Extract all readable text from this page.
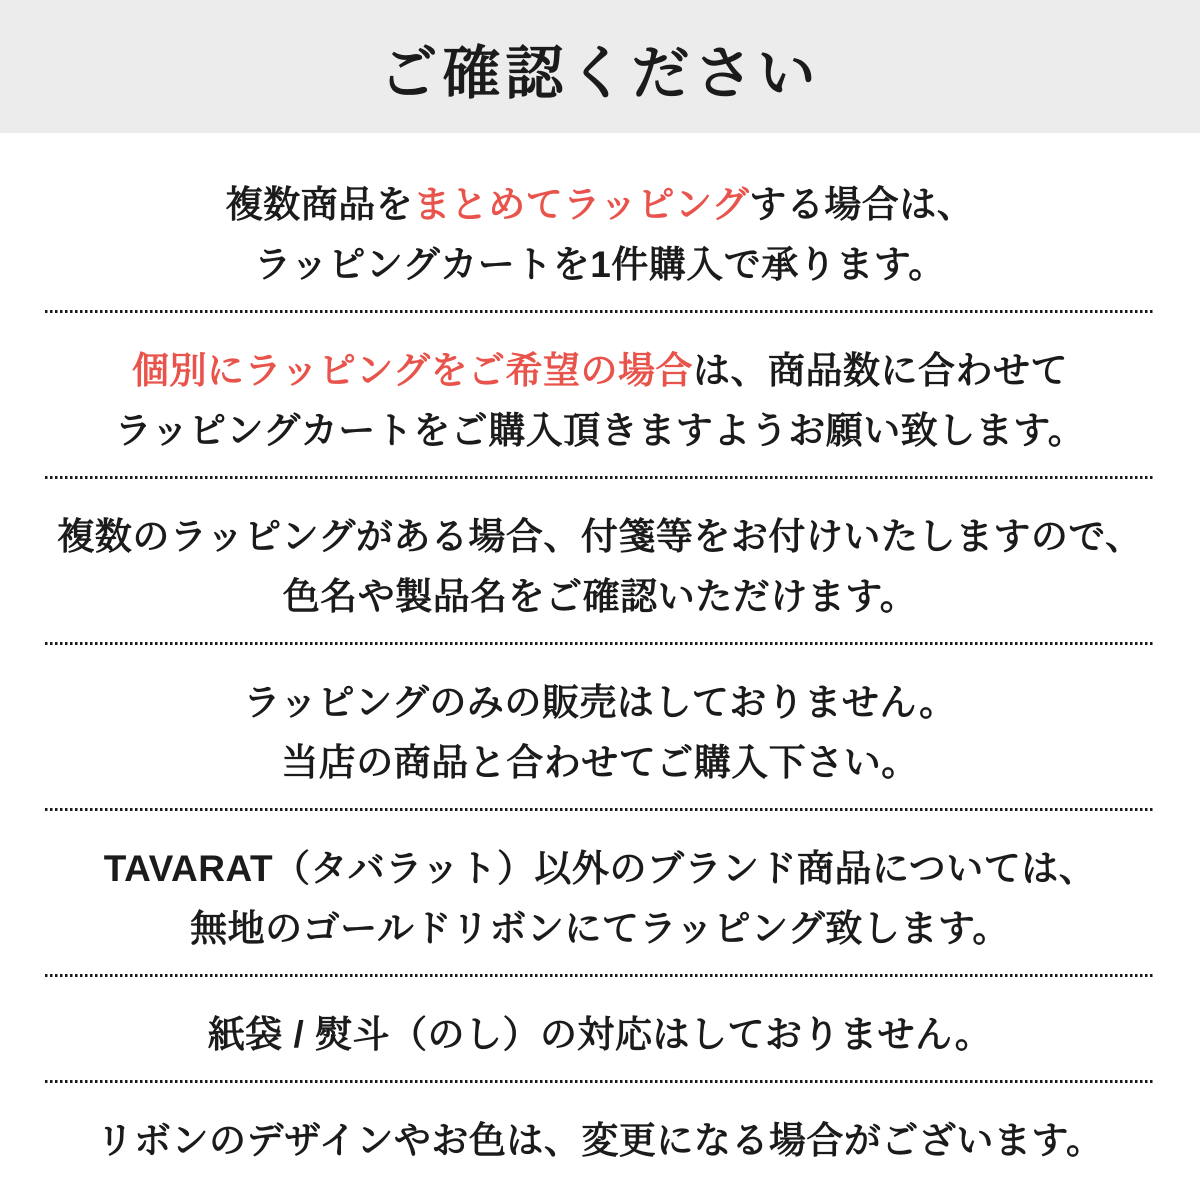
ご確認ください

複数商品をまとめてラッピングする場合は、
ラッピングカートを1件購入で承ります。

個別にラッピングをご希望の場合は、商品数に合わせて
ラッピングカートをご購入頂きますようお願い致します。

複数のラッピングがある場合、付箋等をお付けいたしますので、
色名や製品名をご確認いただけます。

ラッピングのみの販売はしておりません。
当店の商品と合わせてご購入下さい。

TAVARAT（タバラット）以外のブランド商品については、
無地のゴールドリボンにてラッピング致します。

紙袋 / 熨斗（のし）の対応はしておりません。

リボンのデザインやお色は、変更になる場合がございます。
